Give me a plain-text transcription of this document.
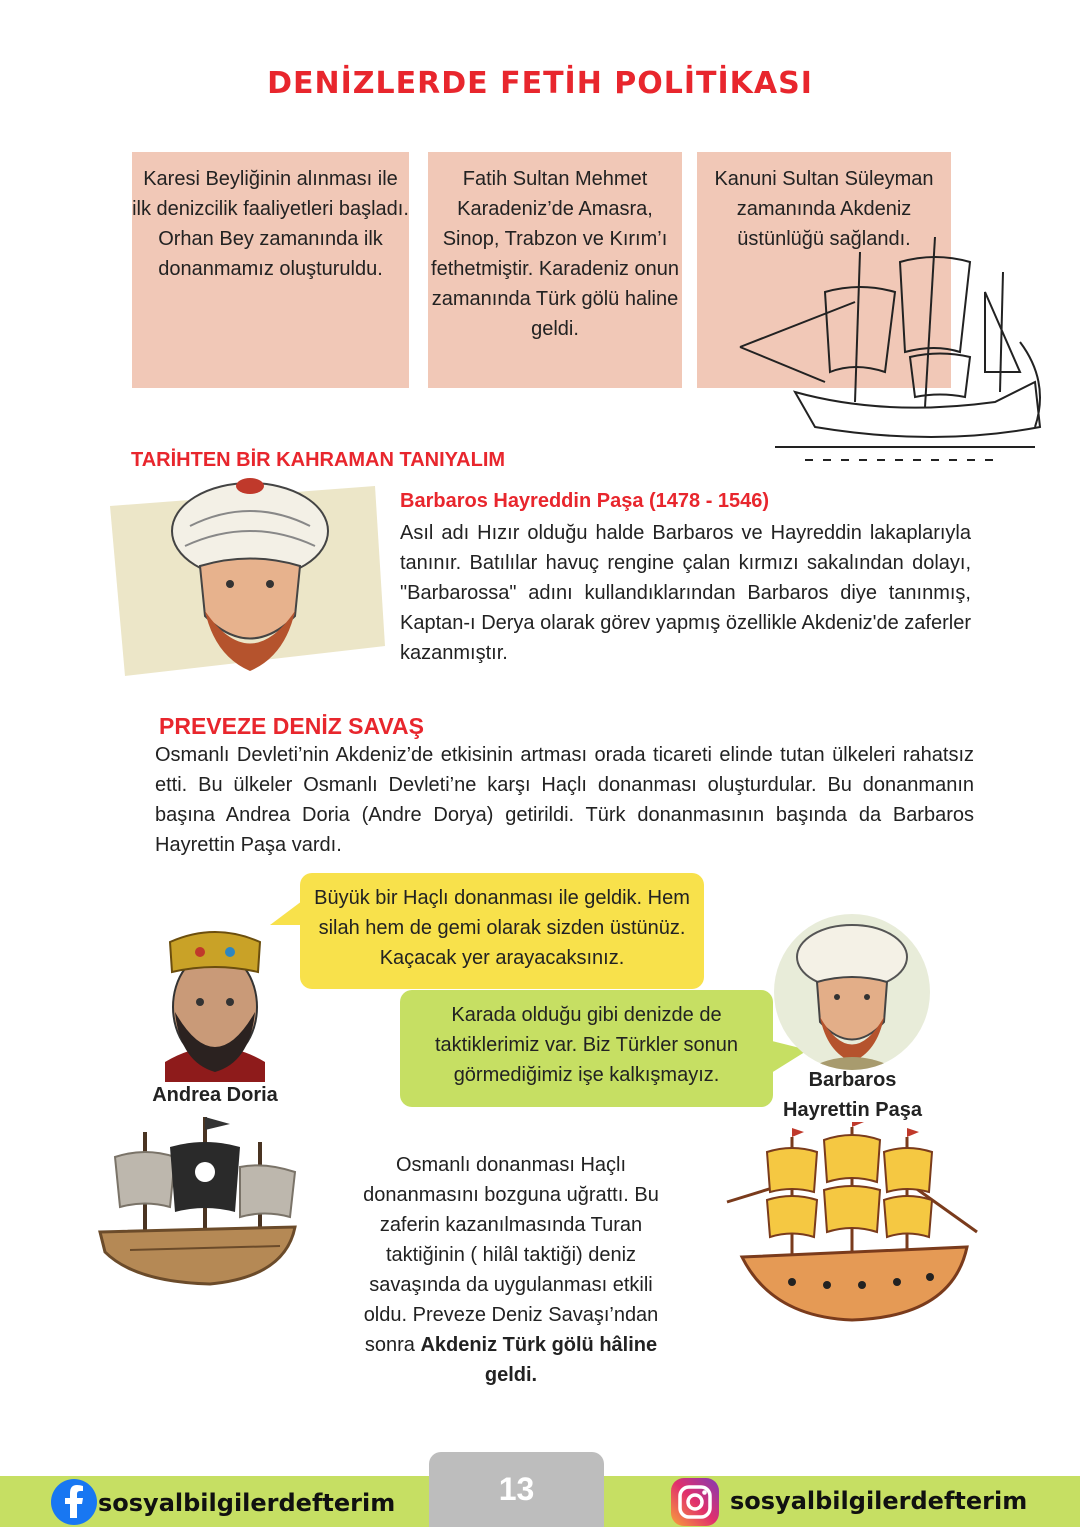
DENİZLERDE FETİH POLİTİKASI
Karesi Beyliğinin alınması ile ilk denizcilik faaliyetleri başladı. Orhan Bey zamanında ilk donanmamız oluşturuldu.
Fatih Sultan Mehmet Karadeniz’de Amasra, Sinop, Trabzon ve Kırım’ı fethetmiştir. Karadeniz onun zamanında Türk gölü haline geldi.
Kanuni Sultan Süleyman zamanında Akdeniz üstünlüğü sağlandı.
TARİHTEN BİR KAHRAMAN TANIYALIM
Barbaros Hayreddin Paşa (1478 - 1546)
Asıl adı Hızır olduğu halde Barbaros ve Hayreddin lakaplarıyla tanınır. Batılılar havuç rengine çalan kırmızı sakalından dolayı, "Barbarossa" adını kullandıklarından Barbaros diye tanınmış, Kaptan-ı Derya olarak görev yapmış özellikle Akdeniz'de zaferler kazanmıştır.
PREVEZE DENİZ SAVAŞ
Osmanlı Devleti’nin Akdeniz’de etkisinin artması orada ticareti elinde tutan ülkeleri rahatsız etti. Bu ülkeler Osmanlı Devleti’ne karşı Haçlı donanması oluşturdular. Bu donanmanın başına Andrea Doria (Andre Dorya) getirildi. Türk donanmasının başında da Barbaros Hayrettin Paşa vardı.
Büyük bir Haçlı donanması ile geldik. Hem silah hem de gemi olarak sizden üstünüz. Kaçacak yer arayacaksınız.
Karada olduğu gibi denizde de taktiklerimiz var. Biz Türkler sonun görmediğimiz işe kalkışmayız.
Andrea Doria
Barbaros
Hayrettin Paşa
Osmanlı donanması Haçlı donanmasını bozguna uğrattı. Bu zaferin kazanılmasında Turan taktiğinin ( hilâl taktiği) deniz savaşında da uygulanması etkili oldu. Preveze Deniz Savaşı’ndan sonra Akdeniz Türk gölü hâline geldi.
13
sosyalbilgilerdefterim	sosyalbilgilerdefterim
